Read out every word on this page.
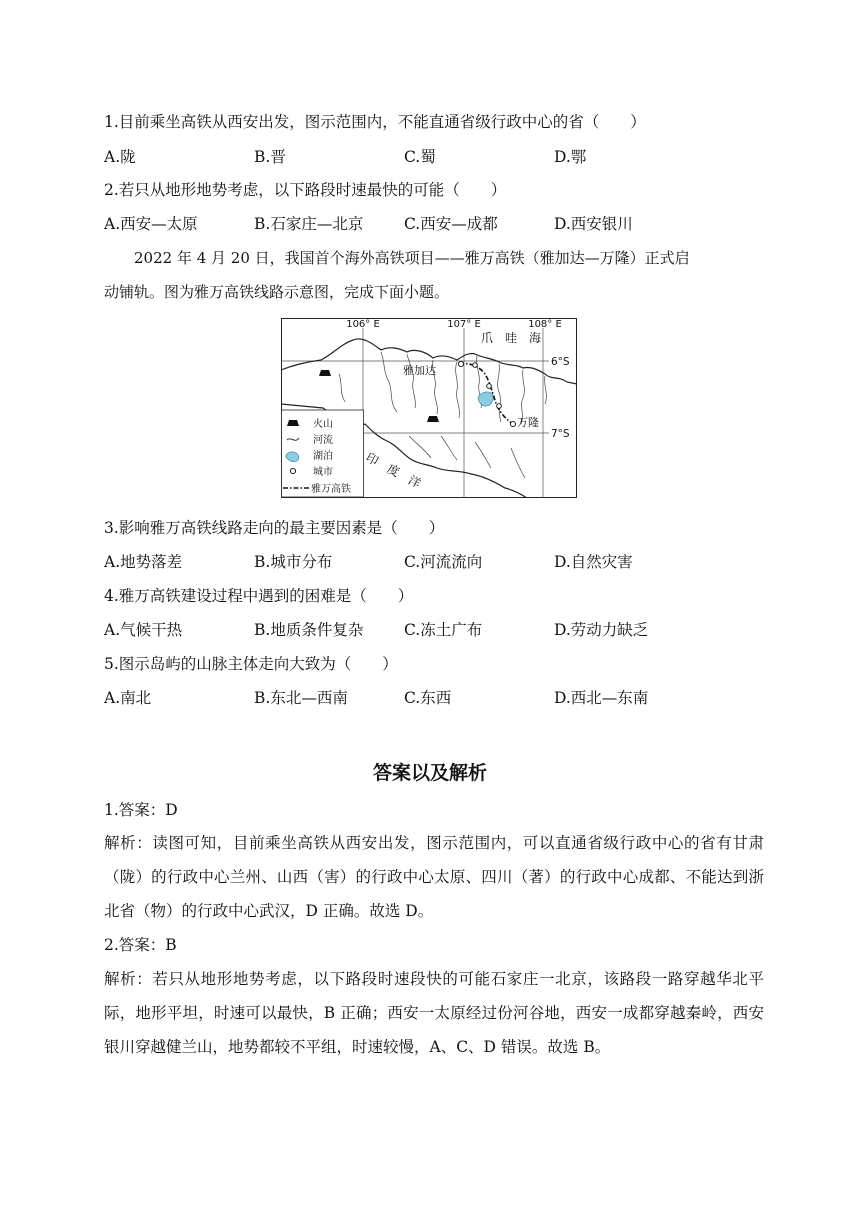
1.目前乘坐高铁从西安出发，图示范围内，不能直通省级行政中心的省（　　）
A.陇	B.晋	C.蜀	D.鄂
2.若只从地形地势考虑，以下路段时速最快的可能（　　）
A.西安—太原	B.石家庄—北京	C.西安—成都	D.西安银川
2022 年 4 月 20 日，我国首个海外高铁项目——雅万高铁（雅加达—万隆）正式启
动铺轨。图为雅万高铁线路示意图，完成下面小题。
106° E	107° E	108° E
6°S
7°S
爪　哇　海
雅加达
万隆
印　度　洋
火山
河流
湖泊
城市
雅万高铁
3.影响雅万高铁线路走向的最主要因素是（　　）
A.地势落差	B.城市分布	C.河流流向	D.自然灾害
4.雅万高铁建设过程中遇到的困难是（　　）
A.气候干热	B.地质条件复杂	C.冻土广布	D.劳动力缺乏
5.图示岛屿的山脉主体走向大致为（　　）
A.南北	B.东北—西南	C.东西	D.西北—东南
答案以及解析
1.答案：D
解析：读图可知，目前乘坐高铁从西安出发，图示范围内，可以直通省级行政中心的省有甘肃（陇）的行政中心兰州、山西（害）的行政中心太原、四川（著）的行政中心成都、不能达到浙北省（物）的行政中心武汉，D 正确。故选 D。
2.答案：B
解析：若只从地形地势考虑，以下路段时速段快的可能石家庄一北京，该路段一路穿越华北平际，地形平坦，时速可以最快，B 正确；西安一太原经过份河谷地，西安一成都穿越秦岭，西安银川穿越健兰山，地势都较不平组，时速较慢，A、C、D 错误。故选 B。
